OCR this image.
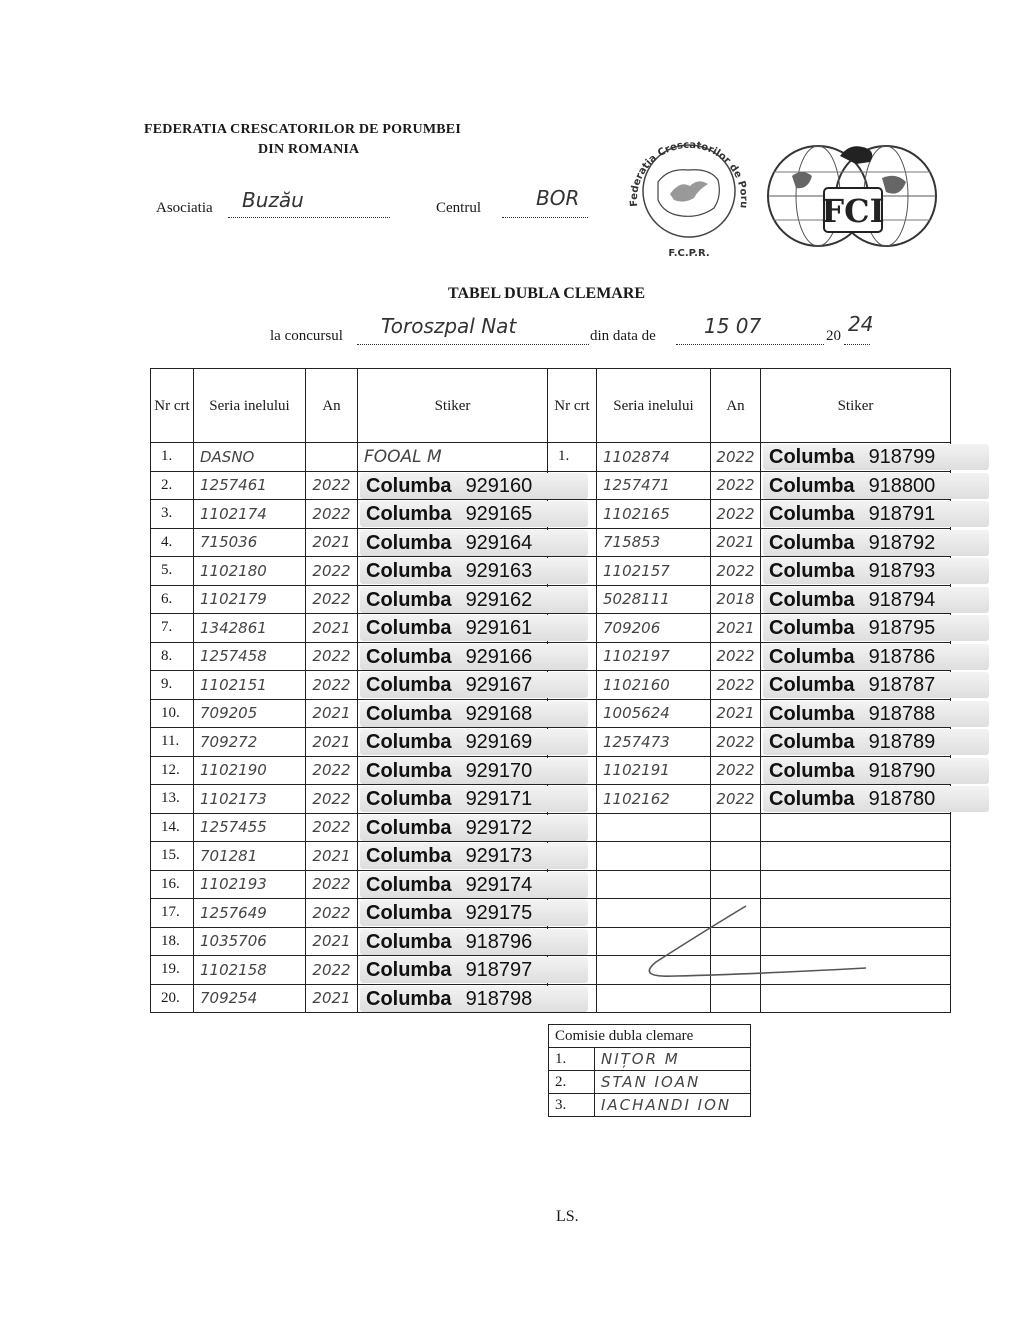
FEDERATIA CRESCATORILOR DE PORUMBEI
DIN ROMANIA
Asociatia Buzău	Centrul	BOR	Federatia Crescatorilor de Poru
F.C.P.R.
FCI
TABEL DUBLA CLEMARE
la concursul Toroszpal Nat	din data de 15 07	20 24
Nr crt	Seria inelului	An	Stiker	Nr crt	Seria inelului	An	Stiker
1.	DASNO		FOOAL M	1.	1102874	2022	Columba 918799

2.	1257461	2022	Columba 929160		1257471	2022	Columba 918800

3.	1102174	2022	Columba 929165		1102165	2022	Columba 918791

4.	715036	2021	Columba 929164		715853	2021	Columba 918792

5.	1102180	2022	Columba 929163		1102157	2022	Columba 918793

6.	1102179	2022	Columba 929162		5028111	2018	Columba 918794

7.	1342861	2021	Columba 929161		709206	2021	Columba 918795

8.	1257458	2022	Columba 929166		1102197	2022	Columba 918786

9.	1102151	2022	Columba 929167		1102160	2022	Columba 918787

10.	709205	2021	Columba 929168		1005624	2021	Columba 918788

11.	709272	2021	Columba 929169		1257473	2022	Columba 918789

12.	1102190	2022	Columba 929170		1102191	2022	Columba 918790

13.	1102173	2022	Columba 929171		1102162	2022	Columba 918780

14.	1257455	2022	Columba 929172				

15.	701281	2021	Columba 929173				

16.	1102193	2022	Columba 929174				

17.	1257649	2022	Columba 929175				

18.	1035706	2021	Columba 918796				

19.	1102158	2022	Columba 918797				

20.	709254	2021	Columba 918798				

Comisie dubla clemare	
1.	NIȚOR M
2.	STAN IOAN
3.	IACHANDI ION
LS.
